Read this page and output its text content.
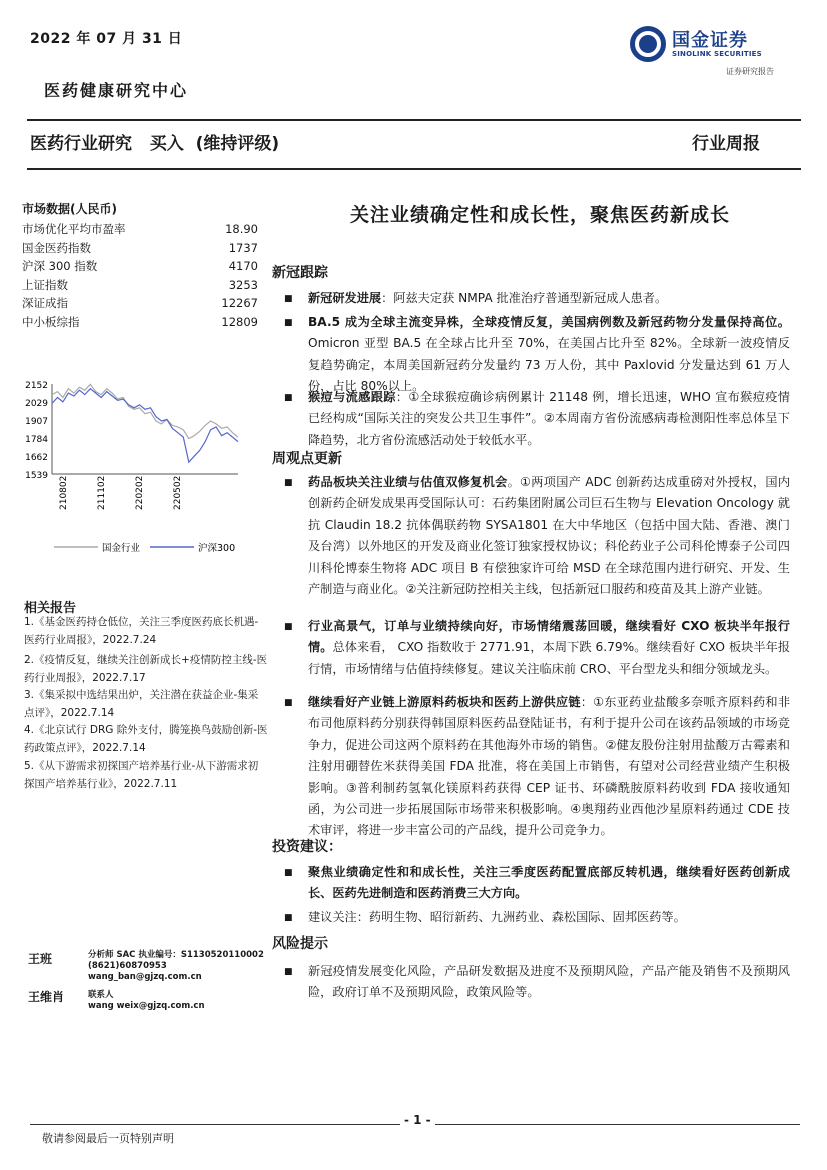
2022 年 07 月 31 日	国金证券
SINOLINK SECURITIES
证券研究报告
医药健康研究中心
医药行业研究   买入  (维持评级)	行业周报
关注业绩确定性和成长性，聚焦医药新成长
市场数据(人民币)
市场优化平均市盈率	18.90
国金医药指数	1737
沪深 300 指数	4170
上证指数	3253
深证成指	12267
中小板综指	12809
2152
2029
1907
1784
1662
1539 210802	211102	220202	220502
国金行业	沪深300
相关报告
1.《基金医药持仓低位，关注三季度医药底长机遇-医药行业周报》，2022.7.24
2.《疫情反复，继续关注创新成长+疫情防控主线-医药行业周报》，2022.7.17
3.《集采拟中选结果出炉，关注潜在获益企业-集采点评》，2022.7.14
4.《北京试行 DRG 除外支付，腾笼换鸟鼓励创新-医药政策点评》，2022.7.14
5.《从下游需求初探国产培养基行业-从下游需求初探国产培养基行业》，2022.7.11
王班	分析师 SAC 执业编号：S1130520110002
(8621)60870953
wang_ban@gjzq.com.cn
王维肖	联系人
wang weix@gjzq.com.cn
新冠跟踪
■ 新冠研发进展：阿兹夫定获 NMPA 批准治疗普通型新冠成人患者。
■ BA.5 成为全球主流变异株，全球疫情反复，美国病例数及新冠药物分发量保持高位。Omicron 亚型 BA.5 在全球占比升至 70%，在美国占比升至 82%。全球新一波疫情反复趋势确定，本周美国新冠药分发量约 73 万人份，其中 Paxlovid 分发量达到 61 万人份，占比 80%以上。
■ 猴痘与流感跟踪：①全球猴痘确诊病例累计 21148 例，增长迅速，WHO 宣布猴痘疫情已经构成“国际关注的突发公共卫生事件”。②本周南方省份流感病毒检测阳性率总体呈下降趋势，北方省份流感活动处于较低水平。
周观点更新
■ 药品板块关注业绩与估值双修复机会。①两项国产 ADC 创新药达成重磅对外授权，国内创新药企研发成果再受国际认可：石药集团附属公司巨石生物与 Elevation Oncology 就抗 Claudin 18.2 抗体偶联药物 SYSA1801 在大中华地区（包括中国大陆、香港、澳门及台湾）以外地区的开发及商业化签订独家授权协议；科伦药业子公司科伦博泰子公司四川科伦博泰生物将 ADC 项目 B 有偿独家许可给 MSD 在全球范围内进行研究、开发、生产制造与商业化。②关注新冠防控相关主线，包括新冠口服药和疫苗及其上游产业链。
■ 行业高景气，订单与业绩持续向好，市场情绪震荡回暖，继续看好 CXO 板块半年报行情。总体来看， CXO 指数收于 2771.91，本周下跌 6.79%。继续看好 CXO 板块半年报行情，市场情绪与估值持续修复。建议关注临床前 CRO、平台型龙头和细分领域龙头。
■ 继续看好产业链上游原料药板块和医药上游供应链：①东亚药业盐酸多奈哌齐原料药和非布司他原料药分别获得韩国原料医药品登陆证书，有利于提升公司在该药品领域的市场竞争力，促进公司这两个原料药在其他海外市场的销售。②健友股份注射用盐酸万古霉素和注射用硼替佐米获得美国 FDA 批准，将在美国上市销售，有望对公司经营业绩产生积极影响。③普利制药氢氧化镁原料药获得 CEP 证书、环磷酰胺原料药收到 FDA 接收通知函，为公司进一步拓展国际市场带来积极影响。④奥翔药业西他沙星原料药通过 CDE 技术审评，将进一步丰富公司的产品线，提升公司竞争力。
投资建议：
■ 聚焦业绩确定性和和成长性，关注三季度医药配置底部反转机遇，继续看好医药创新成长、医药先进制造和医药消费三大方向。
■ 建议关注：药明生物、昭衍新药、九洲药业、森松国际、固邦医药等。
风险提示
■ 新冠疫情发展变化风险，产品研发数据及进度不及预期风险，产品产能及销售不及预期风险，政府订单不及预期风险，政策风险等。
- 1 -
敬请参阅最后一页特别声明
